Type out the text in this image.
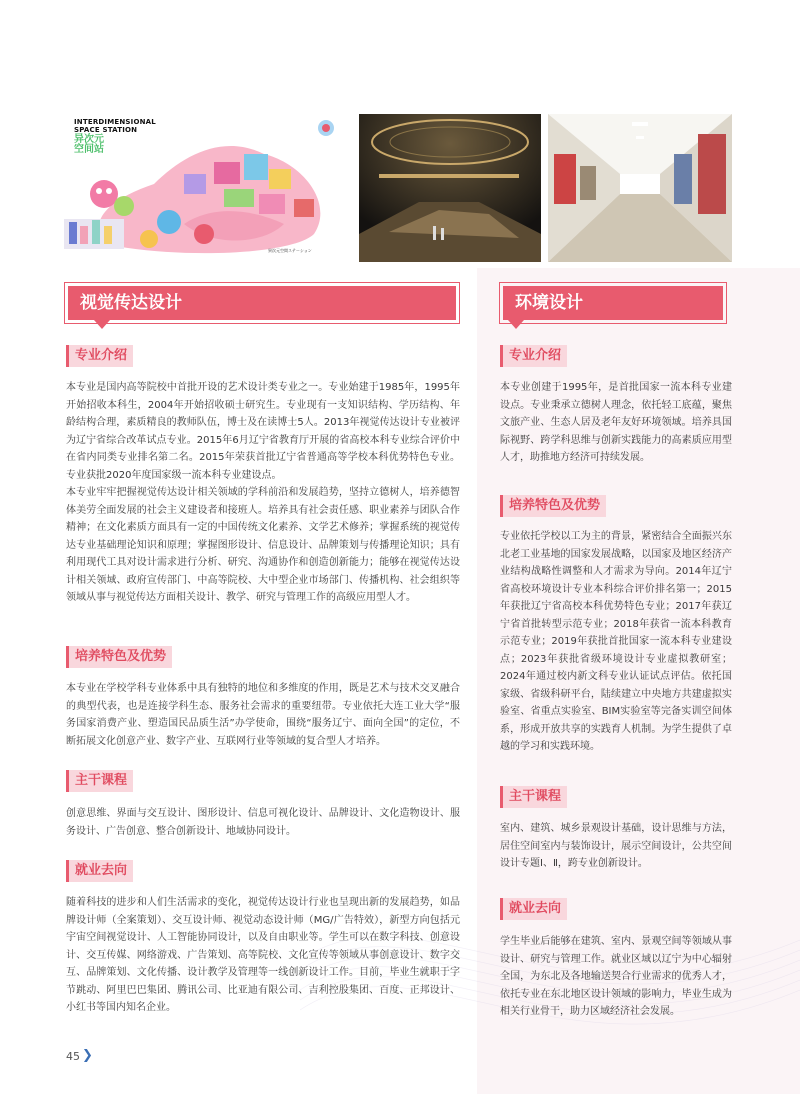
INTERDIMENSIONAL
SPACE STATION
异次元
空间站
異次元空間ステーション
视觉传达设计
专业介绍
本专业是国内高等院校中首批开设的艺术设计类专业之一。专业始建于1985年，1995年开始招收本科生，2004年开始招收硕士研究生。专业现有一支知识结构、学历结构、年龄结构合理，素质精良的教师队伍，博士及在读博士5人。2013年视觉传达设计专业被评为辽宁省综合改革试点专业。2015年6月辽宁省教育厅开展的省高校本科专业综合评价中在省内同类专业排名第二名。2015年荣获首批辽宁省普通高等学校本科优势特色专业。专业获批2020年度国家级一流本科专业建设点。
本专业牢牢把握视觉传达设计相关领域的学科前沿和发展趋势，坚持立德树人，培养德智体美劳全面发展的社会主义建设者和接班人。培养具有社会责任感、职业素养与团队合作精神；在文化素质方面具有一定的中国传统文化素养、文学艺术修养；掌握系统的视觉传达专业基础理论知识和原理；掌握图形设计、信息设计、品牌策划与传播理论知识；具有利用现代工具对设计需求进行分析、研究、沟通协作和创造创新能力；能够在视觉传达设计相关领域、政府宣传部门、中高等院校、大中型企业市场部门、传播机构、社会组织等领域从事与视觉传达方面相关设计、教学、研究与管理工作的高级应用型人才。
培养特色及优势
本专业在学校学科专业体系中具有独特的地位和多维度的作用，既是艺术与技术交叉融合的典型代表，也是连接学科生态、服务社会需求的重要纽带。专业依托大连工业大学“服务国家消费产业、塑造国民品质生活”办学使命，围绕“服务辽宁、面向全国”的定位，不断拓展文化创意产业、数字产业、互联网行业等领域的复合型人才培养。
主干课程
创意思维、界面与交互设计、图形设计、信息可视化设计、品牌设计、文化造物设计、服务设计、广告创意、整合创新设计、地域协同设计。
就业去向
随着科技的进步和人们生活需求的变化，视觉传达设计行业也呈现出新的发展趋势，如品牌设计师（全案策划）、交互设计师、视觉动态设计师（MG/广告特效），新型方向包括元宇宙空间视觉设计、人工智能协同设计，以及自由职业等。学生可以在数字科技、创意设计、交互传媒、网络游戏、广告策划、高等院校、文化宣传等领域从事创意设计、数字交互、品牌策划、文化传播、设计教学及管理等一线创新设计工作。目前，毕业生就职于字节跳动、阿里巴巴集团、腾讯公司、比亚迪有限公司、吉利控股集团、百度、正邦设计、小红书等国内知名企业。
环境设计
专业介绍
本专业创建于1995年，是首批国家一流本科专业建设点。专业秉承立德树人理念，依托轻工底蕴，聚焦文旅产业、生态人居及老年友好环境领域。培养具国际视野、跨学科思维与创新实践能力的高素质应用型人才，助推地方经济可持续发展。
培养特色及优势
专业依托学校以工为主的背景，紧密结合全面振兴东北老工业基地的国家发展战略，以国家及地区经济产业结构战略性调整和人才需求为导向。2014年辽宁省高校环境设计专业本科综合评价排名第一；2015年获批辽宁省高校本科优势特色专业；2017年获辽宁省首批转型示范专业；2018年获省一流本科教育示范专业；2019年获批首批国家一流本科专业建设点；2023年获批省级环境设计专业虚拟教研室；2024年通过校内新文科专业认证试点评估。依托国家级、省级科研平台，陆续建立中央地方共建虚拟实验室、省重点实验室、BIM实验室等完备实训空间体系，形成开放共享的实践育人机制。为学生提供了卓越的学习和实践环境。
主干课程
室内、建筑、城乡景观设计基础，设计思维与方法，居住空间室内与装饰设计，展示空间设计，公共空间设计专题Ⅰ、Ⅱ，跨专业创新设计。
就业去向
学生毕业后能够在建筑、室内、景观空间等领域从事设计、研究与管理工作。就业区域以辽宁为中心辐射全国，为东北及各地输送契合行业需求的优秀人才，依托专业在东北地区设计领域的影响力，毕业生成为相关行业骨干，助力区域经济社会发展。
45 ❯
